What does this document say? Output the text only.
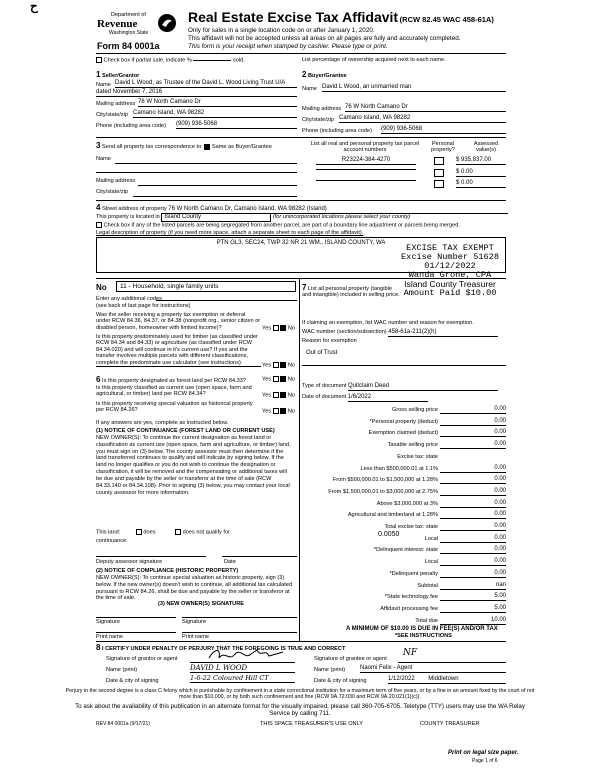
ح
Department of
Revenue
Washington State
Form 84 0001a
Real Estate Excise Tax Affidavit (RCW 82.45 WAC 458-61A)
Only for sales in a single location code on or after January 1, 2020.
This affidavit will not be accepted unless all areas on all pages are fully and accurately completed.
This form is your receipt when stamped by cashier. Please type or print.
Check box if partial sale, indicate %	sold.	List percentage of ownership acquired next to each name.
1 Seller/Grantor
Name David L Wood, as Trustee of the David L. Wood Living Trust U/A
dated November 7, 2016
Mailing address 76 W North Camano Dr
City/state/zip Camano Island, WA 98282
Phone (including area code) (909) 936-5068
2 Buyer/Grantee
Name David L Wood, an unmarried man
Mailing address 76 W North Camano Dr
City/state/zip Camano Island, WA 98282
Phone (including area code) (909) 936-5068
3 Send all property tax correspondence to: Same as Buyer/Grantee
Name
Mailing address
City/state/zip
List all real and personal property tax parcel account numbers
Personal property?
Assessed value(s)
R23224-384-4270	$ 935,837.00
$ 0.00
$ 0.00
4 Street address of property 76 W North Camano Dr, Camano Island, WA 98282 (Island)
This property is located in Island County	(for unincorporated locations please select your county)
Check box if any of the listed parcels are being segregated from another parcel, are part of a boundary line adjustment or parcels being merged.
Legal description of property (if you need more space, attach a separate sheet to each page of the affidavit).
PTN GL3, SEC24, TWP 32 NR 21 WM., ISLAND COUNTY, WA	EXCISE TAX EXEMPT
Excise Number 51628
01/12/2022
Wanda Grone, CPA
Island County Treasurer
Amount Paid $10.00
No	11 - Household, single family units
Enter any additional codes
(see back of last page for instructions)
Was the seller receiving a property tax exemption or deferral under RCW 84.36, 84.37, or 84.38 (nonprofit org., senior citizen or disabled person, homeowner with limited income)?	Yes	No
Is this property predominately used for timber (as classified under RCW 84.34 and 84.33) or agriculture (as classified under RCW 84.34.020) and will continue in it's current use? If yes and the transfer involves multiple parcels with different classifications, complete the predominate use calculator (see instructions)	Yes	No
6 Is this property designated as forest land per RCW 84.33?	Yes	No
Is this property classified as current use (open space, farm and agricultural, or timber) land per RCW 84.34?	Yes	No
Is this property receiving special valuation as historical property per RCW 84.26?	Yes	No
If any answers are yes, complete as instructed below.
(1) NOTICE OF CONTINUANCE (FOREST LAND OR CURRENT USE)
NEW OWNER(S): To continue the current designation as forest land or classification as current use (open space, farm and agriculture, or timber) land, you must sign on (3) below. The county assessor must then determine if the land transferred continues to qualify and will indicate by signing below. If the land no longer qualifies or you do not wish to continue the designation or classification, it will be removed and the compensating or additional taxes will be due and payable by the seller or transferor at the time of sale (RCW 84.33.140 or 84.34.108). Prior to signing (3) below, you may contact your local county assessor for more information.
This land:	does	does not qualify for
continuance.
Deputy assessor signature	Date
(2) NOTICE OF COMPLIANCE (HISTORIC PROPERTY)
NEW OWNER(S): To continue special valuation as historic property, sign (3) below. If the new owner(s) doesn't wish to continue, all additional tax calculated pursuant to RCW 84.26, shall be due and payable by the seller or transferor at the time of sale.
(3) NEW OWNER(S) SIGNATURE
Signature	Signature
Print name	Print name
7 List all personal property (tangible and intangible) included in selling price.
If claiming an exemption, list WAC number and reason for exemption.
WAC number (section/subsection) 458-61a-211(2)(h)
Reason for exemption
Out of Trust
Type of document Quitclaim Deed
Date of document 1/6/2022
Gross selling price	0.00
*Personal property (deduct)	0.00
Exemption claimed (deduct)	0.00
Taxable selling price	0.00
Excise tax: state
Less than $500,000.01 at 1.1%	0.00
From $500,000.01 to $1,500,000 at 1.28%	0.00
From $1,500,000.01 to $3,000,000 at 2.75%	0.00
Above $3,000,000 at 3%	0.00
Agricultural and timberland at 1.28%	0.00
Total excise tax: state	0.00
Local	0.00
*Delinquent interest: state	0.00
Local	0.00
*Delinquent penalty	0.00
Subtotal	nan
*State technology fee	5.00
Affidavit processing fee	5.00
Total due	10.00
0.0050
A MINIMUM OF $10.00 IS DUE IN FEE(S) AND/OR TAX
*SEE INSTRUCTIONS
8 I CERTIFY UNDER PENALTY OF PERJURY THAT THE FOREGOING IS TRUE AND CORRECT
Signature of grantor or agent
Name (print)	DAVID L WOOD
Date & city of signing	1-6-22 Coloured Hill CT
Signature of grantee or agent
NF
Name (print) Naomi Felix - Agent
Date & city of signing	1/12/2022 Middletown
Perjury in the second degree is a class C felony which is punishable by confinement in a state correctional institution for a maximum term of five years, or by a fine in an amount fixed by the court of not more than $10,000, or by both such confinement and fine (RCW 9A.72.030 and RCW 9A.20.021(1)(c)).
To ask about the availability of this publication in an alternate format for the visually impaired, please call 360-705-6705. Teletype (TTY) users may use the WA Relay Service by calling 711.
REV 84 0001a (9/17/21)	THIS SPACE TREASURER'S USE ONLY	COUNTY TREASURER
Print on legal size paper.
Page 1 of 6
